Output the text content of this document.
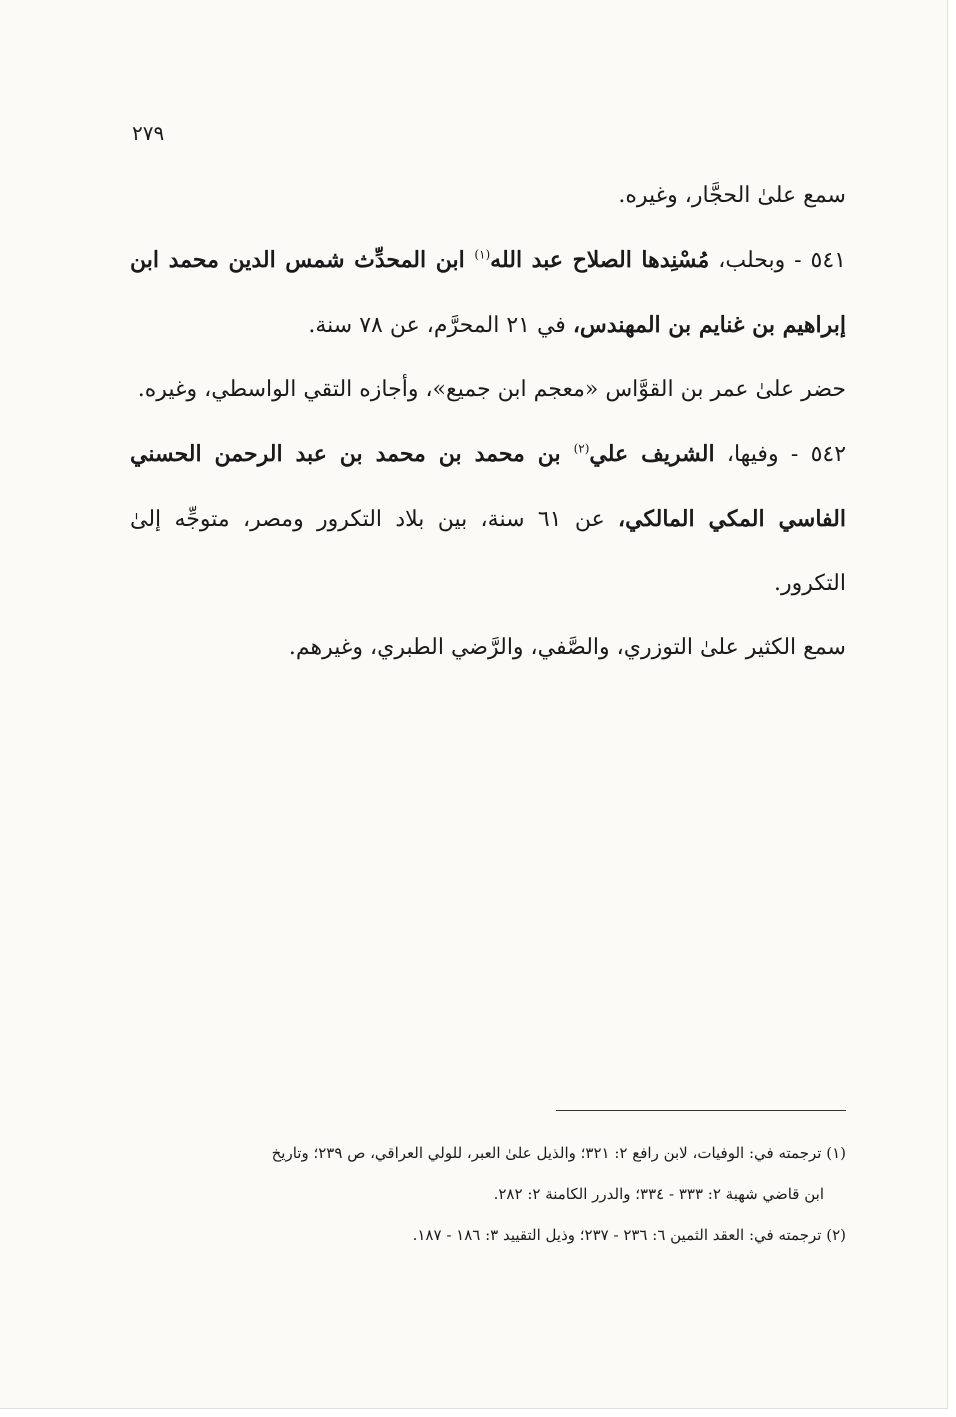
٢٧٩

سمع علىٰ الحجَّار، وغيره.

٥٤١ - وبحلب، مُسْنِدها الصلاح عبد الله$^{(١)}$ ابن المحدِّث شمس الدين محمد ابن إبراهيم بن غنايم بن المهندس، في ٢١ المحرَّم، عن ٧٨ سنة.

حضر علىٰ عمر بن القوَّاس «معجم ابن جميع»، وأجازه التقي الواسطي، وغيره.

٥٤٢ - وفيها، الشريف علي$^{(٢)}$ بن محمد بن محمد بن عبد الرحمن الحسني الفاسي المكي المالكي، عن ٦١ سنة، بين بلاد التكرور ومصر، متوجِّه إلىٰ التكرور.

سمع الكثير علىٰ التوزري، والصَّفي، والرَّضي الطبري، وغيرهم.

(١) ترجمته في: الوفيات، لابن رافع ٢: ٣٢١؛ والذيل علىٰ العبر، للولي العراقي، ص ٢٣٩؛ وتاريخ

ابن قاضي شهبة ٢: ٣٣٣ - ٣٣٤؛ والدرر الكامنة ٢: ٢٨٢.

(٢) ترجمته في: العقد الثمين ٦: ٢٣٦ - ٢٣٧؛ وذيل التقييد ٣: ١٨٦ - ١٨٧.
